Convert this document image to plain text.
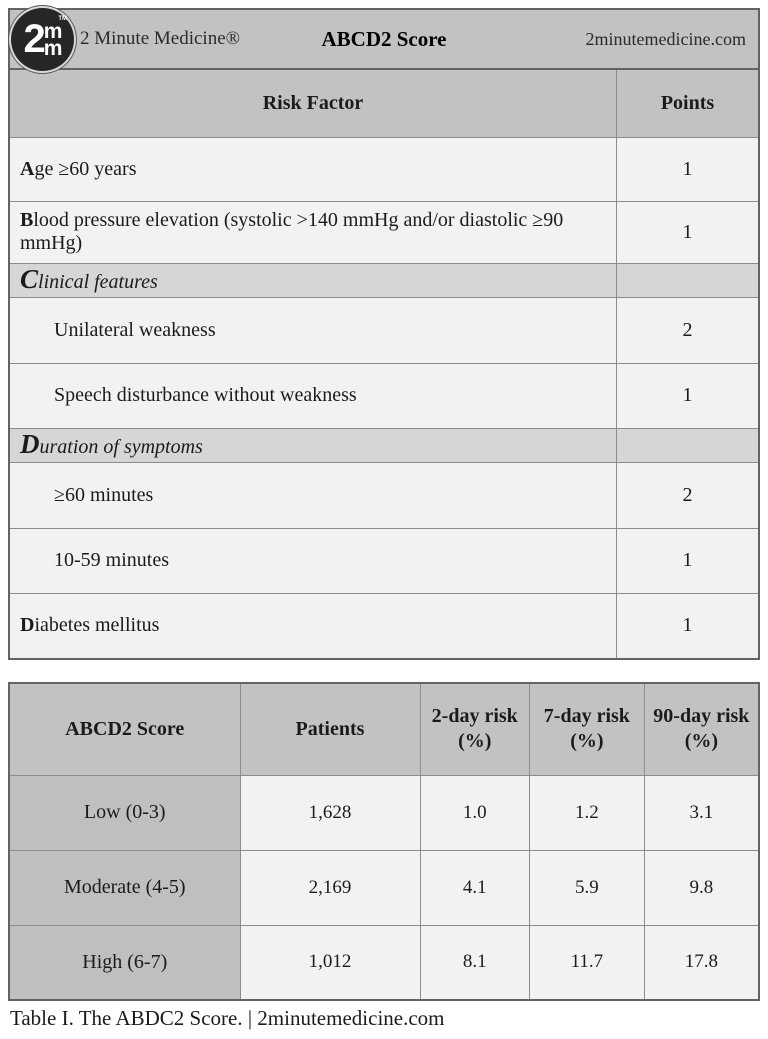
2 m
m
TM
2 Minute Medicine®	ABCD2 Score	2minutemedicine.com
Risk Factor	Points
Age ≥60 years	1
Blood pressure elevation (systolic >140 mmHg and/or diastolic ≥90 mmHg)	1
Clinical features	
Unilateral weakness	2
Speech disturbance without weakness	1
Duration of symptoms	
≥60 minutes	2
10-59 minutes	1
Diabetes mellitus	1
ABCD2 Score	Patients	2-day risk (%)	7-day risk (%)	90-day risk (%)
Low (0-3)	1,628	1.0	1.2	3.1
Moderate (4-5)	2,169	4.1	5.9	9.8
High (6-7)	1,012	8.1	11.7	17.8
Table I. The ABDC2 Score. | 2minutemedicine.com
